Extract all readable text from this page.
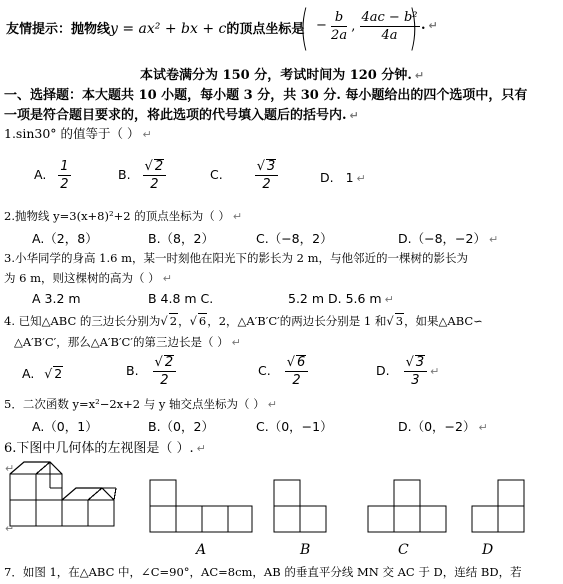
友情提示：抛物线y = ax² + bx + c的顶点坐标是
( − $\frac{b}{2a}$ , $\frac{\text{4ac − b²}}{4a}$
) . ↵
本试卷满分为 150 分，考试时间为 120 分钟. ↵
一、选择题：本大题共 10 小题，每小题 3 分，共 30 分. 每小题给出的四个选项中，只有
一项是符合题目要求的，将此选项的代号填入题后的括号内. ↵
1.sin30° 的值等于（ ） ↵
A. $\frac{1}{2}$	B. $\frac{√ 2}{2}$	C. $\frac{√ 3}{2}$	D. 1 ↵
2.抛物线 y=3(x+8)²+2 的顶点坐标为（ ） ↵
A.（2，8）	B.（8，2）	C.（−8，2）	D.（−8，−2） ↵
3.小华同学的身高 1.6 m，某一时刻他在阳光下的影长为 2 m，与他邻近的一棵树的影长为
为 6 m，则这棵树的高为（ ） ↵
A 3.2 m	B 4.8 m C.	5.2 m D. 5.6 m ↵
4. 已知△ABC 的三边长分别为√ 2，√ 6，2，△A′B′C′的两边长分别是 1 和√ 3，如果△ABC∽
△A′B′C′，那么△A′B′C′的第三边长是（ ） ↵
A. √ 2	B. $\frac{√ 2}{2}$	C. $\frac{√ 6}{2}$	D. $\frac{√ 3}{3}$ ↵
5．二次函数 y=x²−2x+2 与 y 轴交点坐标为（ ） ↵
A.（0，1）	B.（0，2）	C.（0，−1）	D.（0，−2） ↵
6.下图中几何体的左视图是（ ）. ↵
↵
↵
A	B	C	D
7．如图 1，在△ABC 中，∠C=90°，AC=8cm，AB 的垂直平分线 MN 交 AC 于 D，连结 BD，若
